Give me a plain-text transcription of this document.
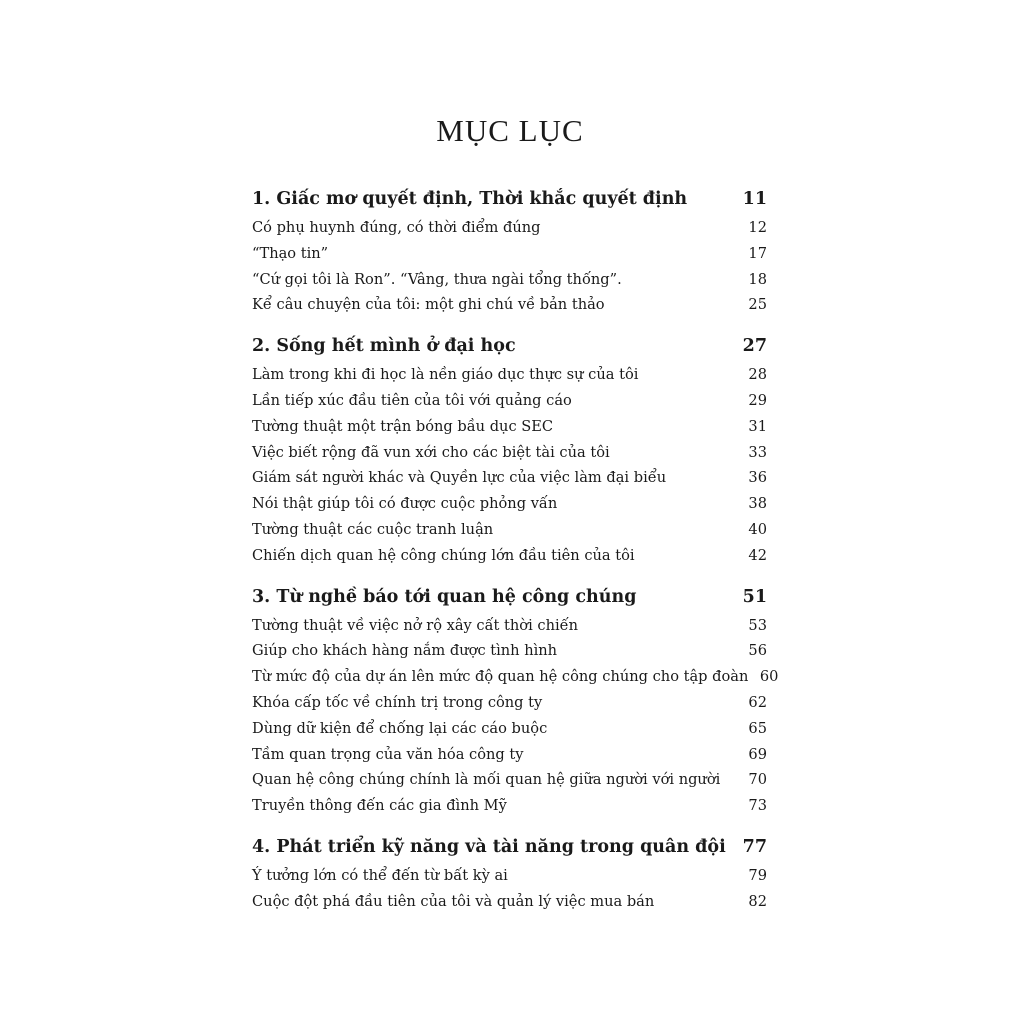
MỤC LỤC
1. Giấc mơ quyết định, Thời khắc quyết định	11
Có phụ huynh đúng, có thời điểm đúng	12
“Thạo tin”	17
“Cứ gọi tôi là Ron”. “Vâng, thưa ngài tổng thống”.	18
Kể câu chuyện của tôi: một ghi chú về bản thảo	25
2. Sống hết mình ở đại học	27
Làm trong khi đi học là nền giáo dục thực sự của tôi	28
Lần tiếp xúc đầu tiên của tôi với quảng cáo	29
Tường thuật một trận bóng bầu dục SEC	31
Việc biết rộng đã vun xới cho các biệt tài của tôi	33
Giám sát người khác và Quyền lực của việc làm đại biểu	36
Nói thật giúp tôi có được cuộc phỏng vấn	38
Tường thuật các cuộc tranh luận	40
Chiến dịch quan hệ công chúng lớn đầu tiên của tôi	42
3. Từ nghề báo tới quan hệ công chúng	51
Tường thuật về việc nở rộ xây cất thời chiến	53
Giúp cho khách hàng nắm được tình hình	56
Từ mức độ của dự án lên mức độ quan hệ công chúng cho tập đoàn 60
Khóa cấp tốc về chính trị trong công ty	62
Dùng dữ kiện để chống lại các cáo buộc	65
Tầm quan trọng của văn hóa công ty	69
Quan hệ công chúng chính là mối quan hệ giữa người với người	70
Truyền thông đến các gia đình Mỹ	73
4. Phát triển kỹ năng và tài năng trong quân đội 77
Ý tưởng lớn có thể đến từ bất kỳ ai	79
Cuộc đột phá đầu tiên của tôi và quản lý việc mua bán	82
